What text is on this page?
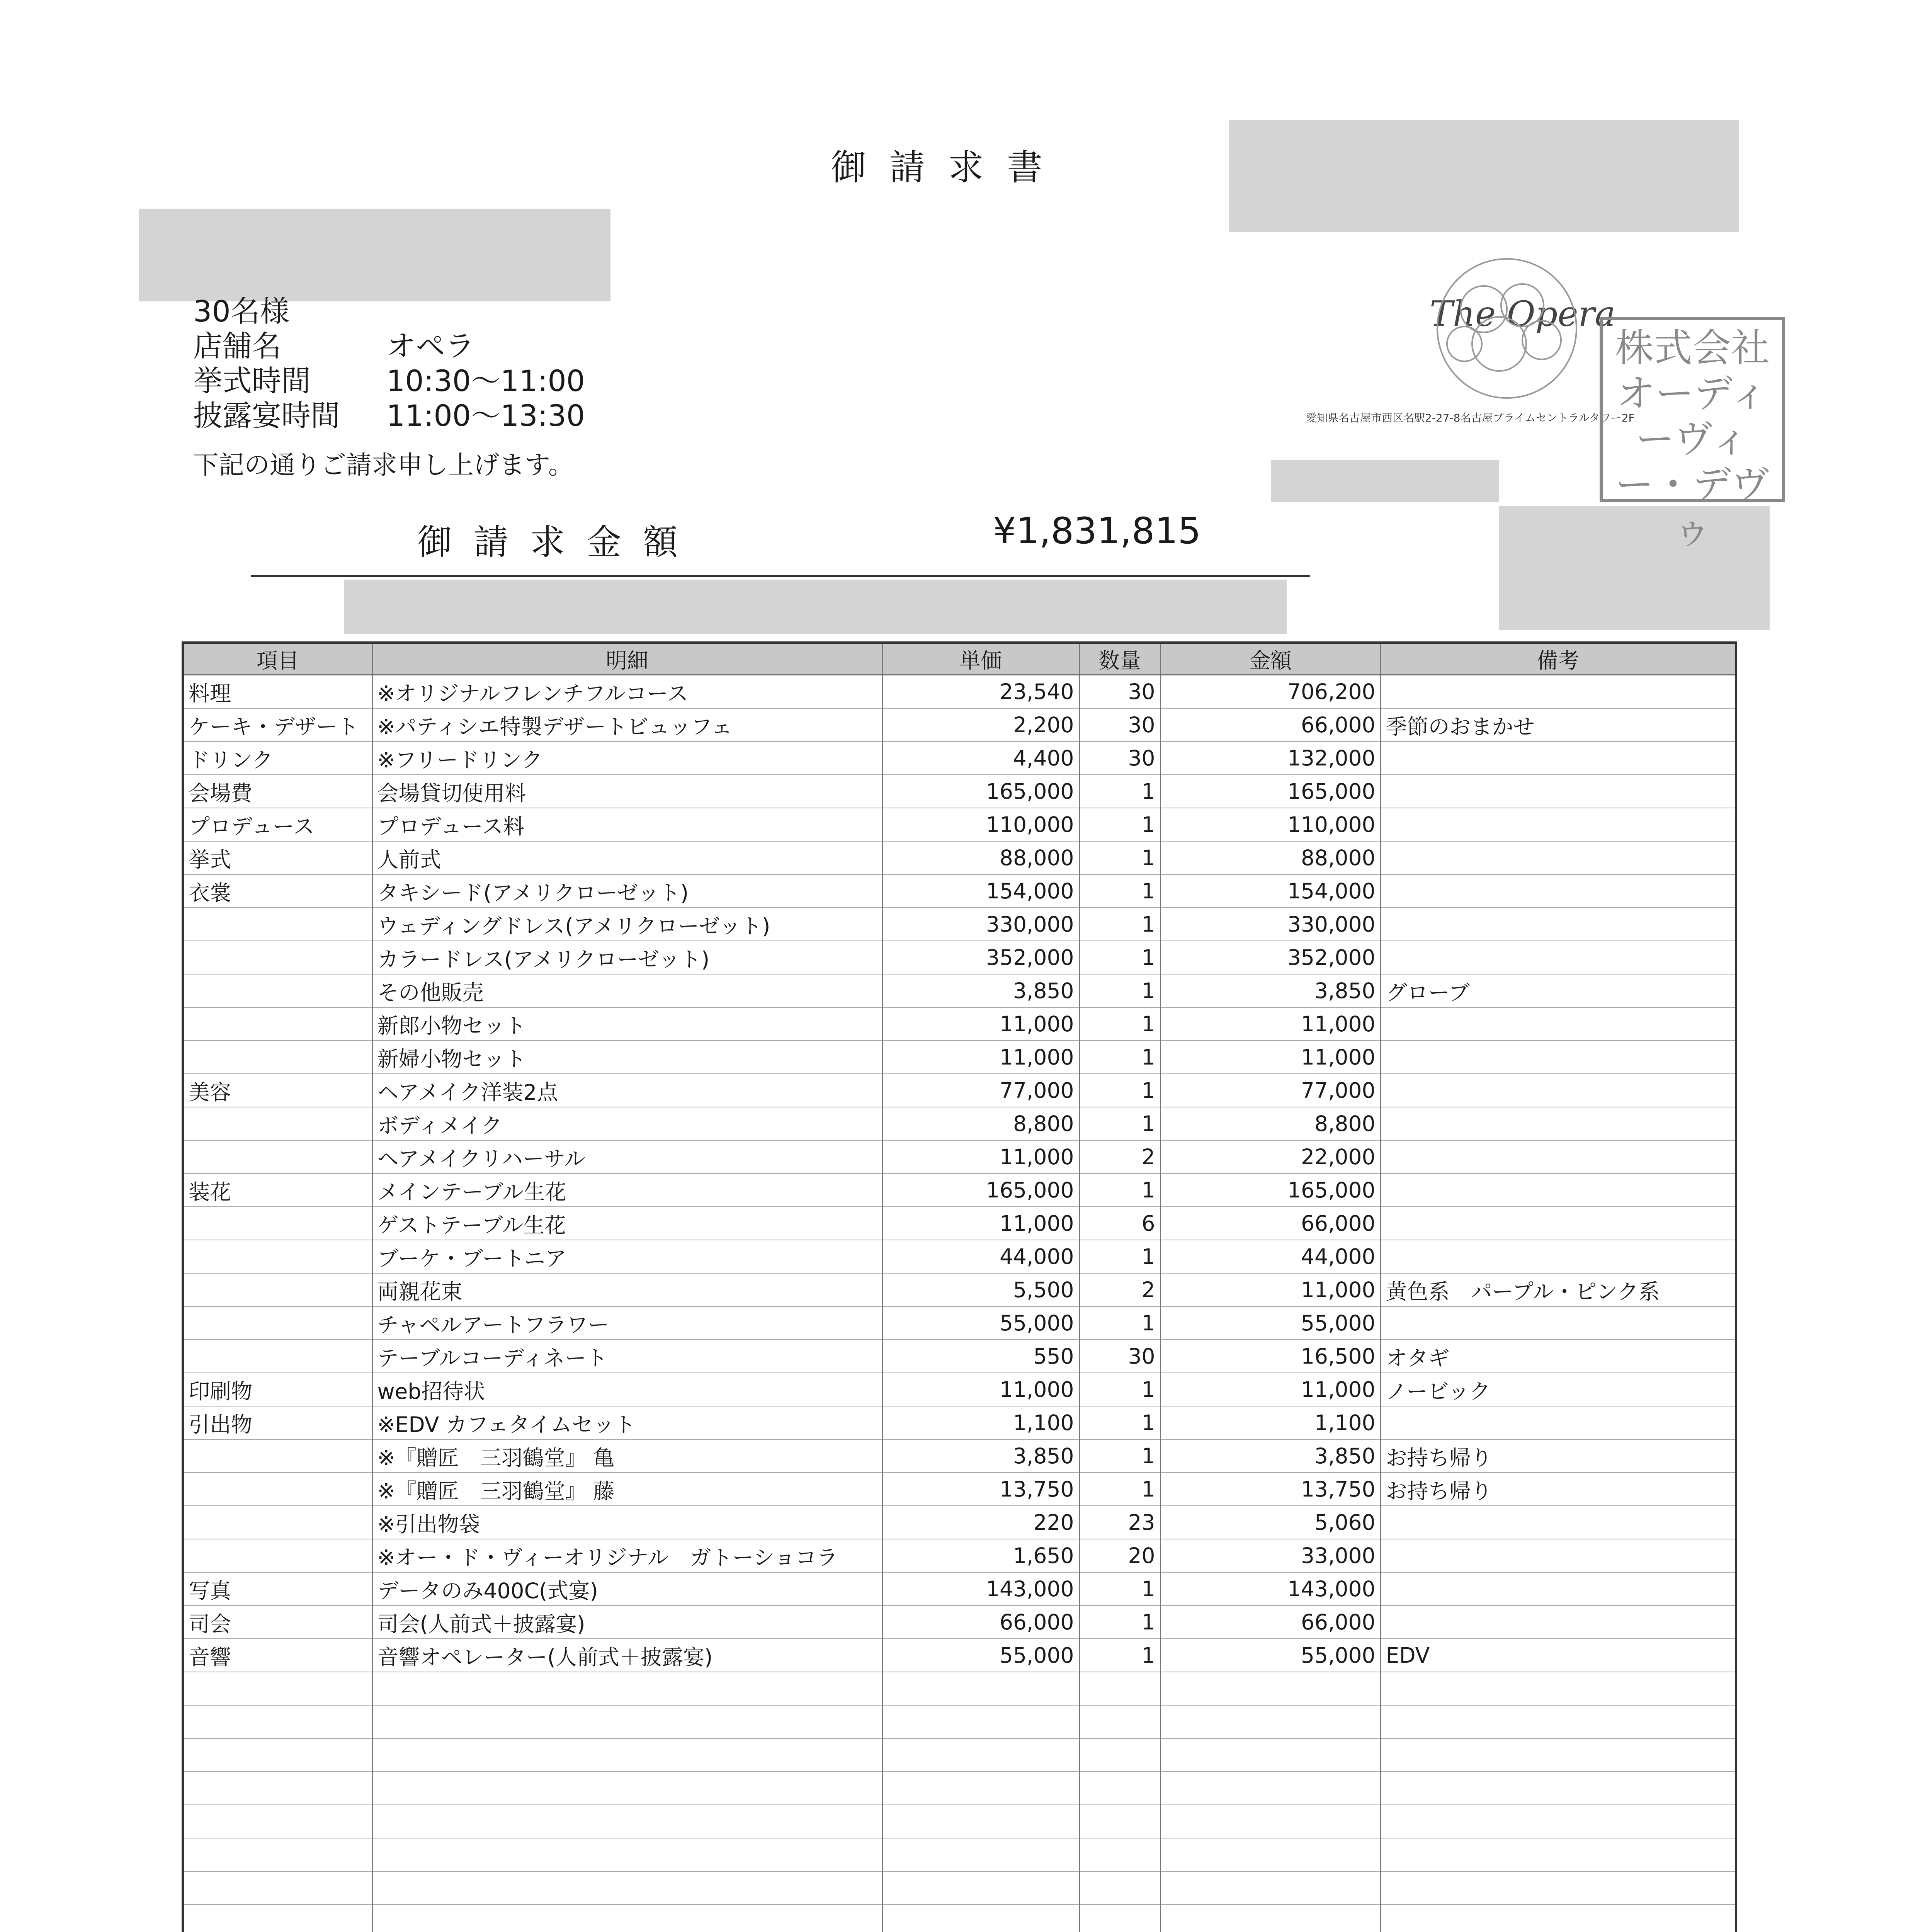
御請求書
30名様
店舗名	オペラ
挙式時間	10:30～11:00
披露宴時間 11:00～13:30
下記の通りご請求申し上げます。
御請求金額	¥1,831,815
The Opera
愛知県名古屋市西区名駅2-27-8名古屋プライムセントラルタワー2F
株式会社オーディーヴィー・デヴゥ
項目	明細	単価	数量	金額	備考
料理	※オリジナルフレンチフルコース	23,540	30	706,200	
ケーキ・デザート	※パティシエ特製デザートビュッフェ	2,200	30	66,000	季節のおまかせ
ドリンク	※フリードリンク	4,400	30	132,000	
会場費	会場貸切使用料	165,000	1	165,000	
プロデュース	プロデュース料	110,000	1	110,000	
挙式	人前式	88,000	1	88,000	
衣裳	タキシード(アメリクローゼット)	154,000	1	154,000	
	ウェディングドレス(アメリクローゼット)	330,000	1	330,000	
	カラードレス(アメリクローゼット)	352,000	1	352,000	
	その他販売	3,850	1	3,850	グローブ
	新郎小物セット	11,000	1	11,000	
	新婦小物セット	11,000	1	11,000	
美容	ヘアメイク洋装2点	77,000	1	77,000	
	ボディメイク	8,800	1	8,800	
	ヘアメイクリハーサル	11,000	2	22,000	
装花	メインテーブル生花	165,000	1	165,000	
	ゲストテーブル生花	11,000	6	66,000	
	ブーケ・ブートニア	44,000	1	44,000	
	両親花束	5,500	2	11,000	黄色系　パープル・ピンク系
	チャペルアートフラワー	55,000	1	55,000	
	テーブルコーディネート	550	30	16,500	オタギ
印刷物	web招待状	11,000	1	11,000	ノービック
引出物	※EDV カフェタイムセット	1,100	1	1,100	
	※『贈匠　三羽鶴堂』 亀	3,850	1	3,850	お持ち帰り
	※『贈匠　三羽鶴堂』 藤	13,750	1	13,750	お持ち帰り
	※引出物袋	220	23	5,060	
	※オー・ド・ヴィーオリジナル　ガトーショコラ	1,650	20	33,000	
写真	データのみ400C(式宴)	143,000	1	143,000	
司会	司会(人前式＋披露宴)	66,000	1	66,000	
音響	音響オペレーター(人前式＋披露宴)	55,000	1	55,000	EDV
